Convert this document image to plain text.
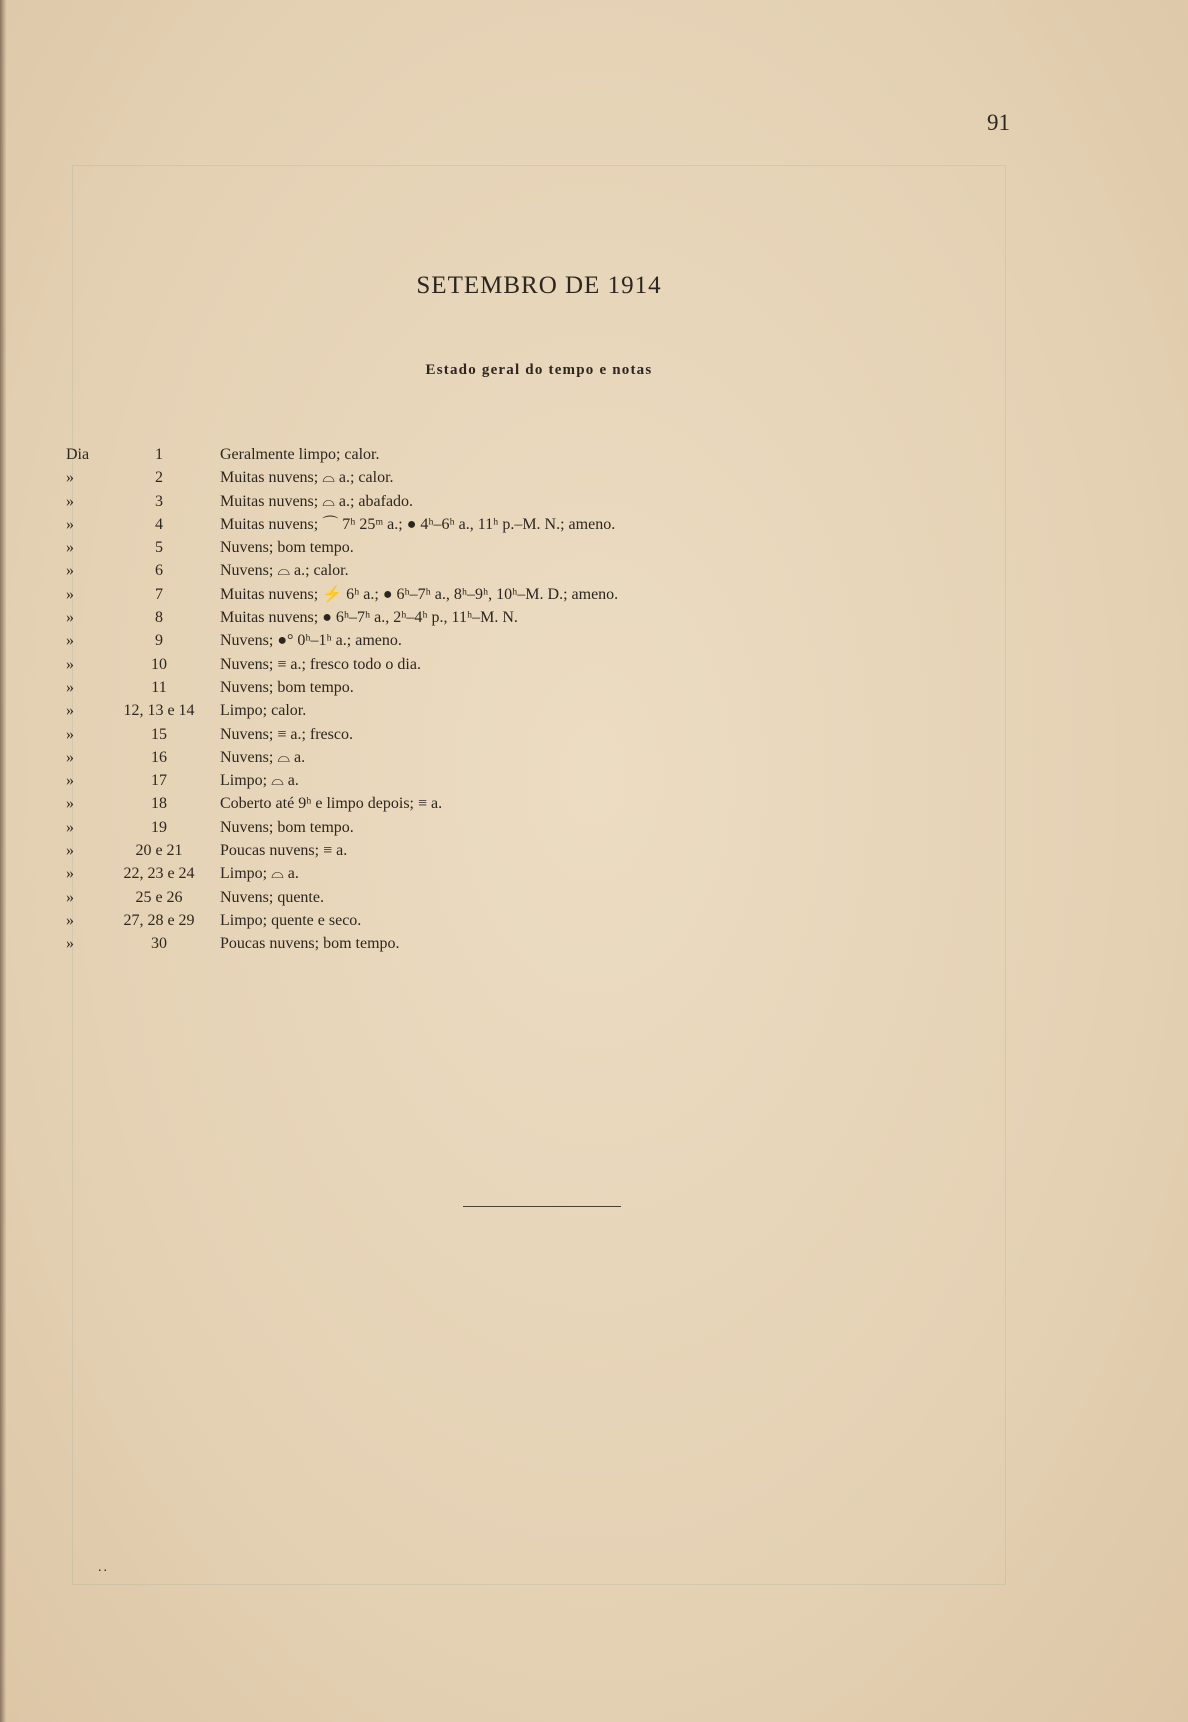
91
SETEMBRO DE 1914
Estado geral do tempo e notas
Dia	1	Geralmente limpo; calor.
»	2	Muitas nuvens; ⌓ a.; calor.
»	3	Muitas nuvens; ⌓ a.; abafado.
»	4	Muitas nuvens; ⌒ 7ʰ 25ᵐ a.; ● 4ʰ–6ʰ a., 11ʰ p.–M. N.; ameno.
»	5	Nuvens; bom tempo.
»	6	Nuvens; ⌓ a.; calor.
»	7	Muitas nuvens; ⚡ 6ʰ a.; ● 6ʰ–7ʰ a., 8ʰ–9ʰ, 10ʰ–M. D.; ameno.
»	8	Muitas nuvens; ● 6ʰ–7ʰ a., 2ʰ–4ʰ p., 11ʰ–M. N.
»	9	Nuvens; ●° 0ʰ–1ʰ a.; ameno.
»	10	Nuvens; ≡ a.; fresco todo o dia.
»	11	Nuvens; bom tempo.
»	12, 13 e 14	Limpo; calor.
»	15	Nuvens; ≡ a.; fresco.
»	16	Nuvens; ⌓ a.
»	17	Limpo; ⌓ a.
»	18	Coberto até 9ʰ e limpo depois; ≡ a.
»	19	Nuvens; bom tempo.
»	20 e 21	Poucas nuvens; ≡ a.
»	22, 23 e 24	Limpo; ⌓ a.
»	25 e 26	Nuvens; quente.
»	27, 28 e 29	Limpo; quente e seco.
»	30	Poucas nuvens; bom tempo.
..
